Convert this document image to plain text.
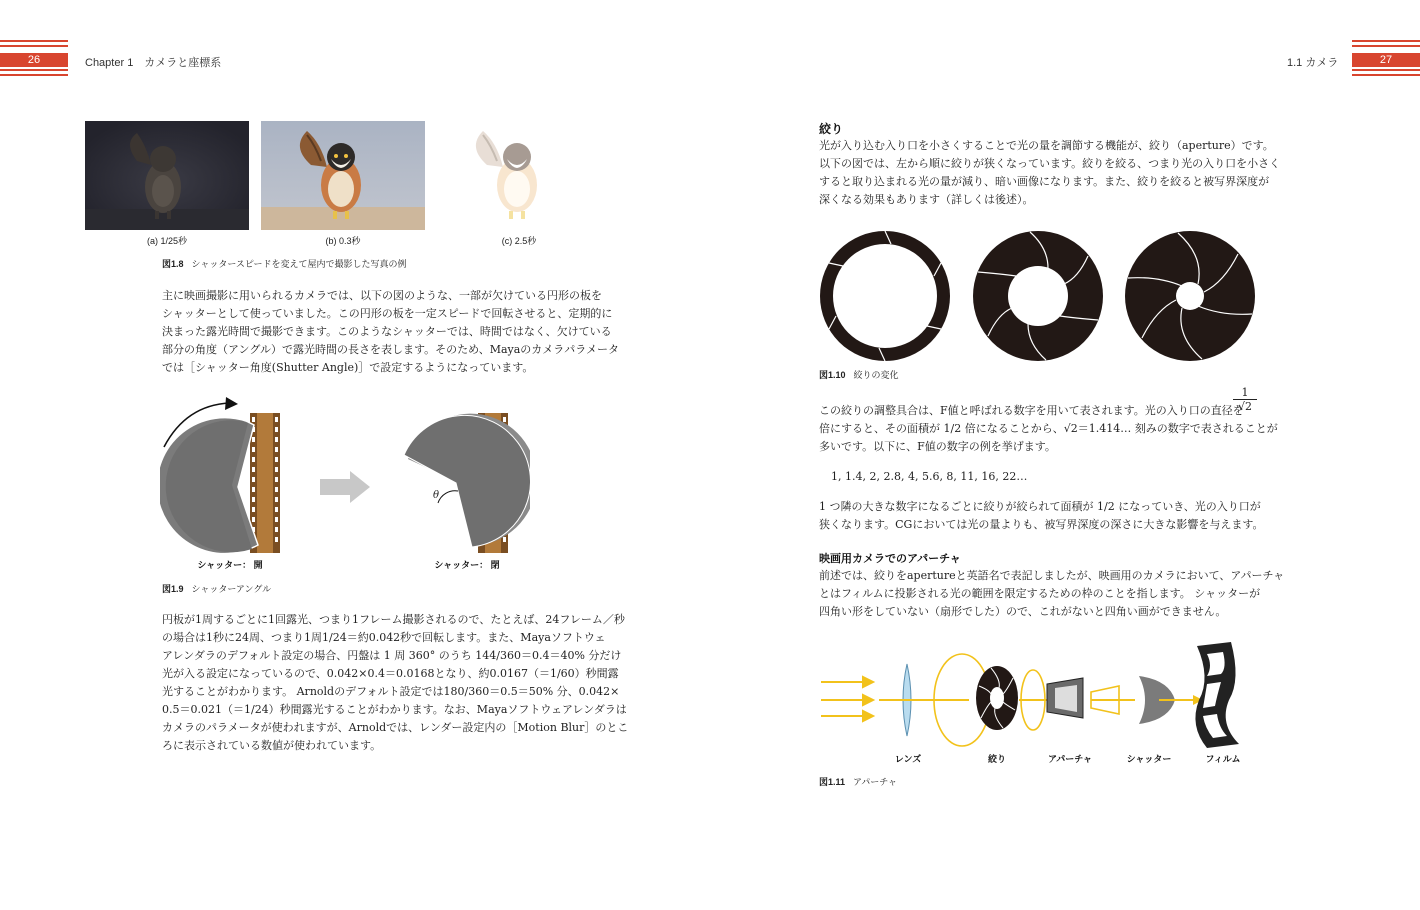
26	Chapter 1　カメラと座標系	27
1.1 カメラ
(a) 1/25秒	(b) 0.3秒	(c) 2.5秒
図1.8 シャッタースピードを変えて屋内で撮影した写真の例

主に映画撮影に用いられるカメラでは、以下の図のような、一部が欠けている円形の板を

シャッターとして使っていました。この円形の板を一定スピードで回転させると、定期的に

決まった露光時間で撮影できます。このようなシャッターでは、時間ではなく、欠けている

部分の角度（アングル）で露光時間の長さを表します。そのため、Mayaのカメラパラメータ

では［シャッター角度(Shutter Angle)］で設定するようになっています。

θ
シャッター： 開	シャッター： 閉
図1.9 シャッターアングル

円板が1周するごとに1回露光、つまり1フレーム撮影されるので、たとえば、24フレーム／秒

の場合は1秒に24周、つまり1周1/24＝約0.042秒で回転します。また、Mayaソフトウェ

アレンダラのデフォルト設定の場合、円盤は 1 周 360° のうち 144/360＝0.4＝40% 分だけ

光が入る設定になっているので、0.042×0.4＝0.0168となり、約0.0167（＝1/60）秒間露

光することがわかります。 Arnoldのデフォルト設定では180/360＝0.5＝50% 分、0.042×

0.5＝0.021（＝1/24）秒間露光することがわかります。なお、Mayaソフトウェアレンダラは

カメラのパラメータが使われますが、Arnoldでは、レンダー設定内の［Motion Blur］のとこ

ろに表示されている数値が使われています。

絞り

光が入り込む入り口を小さくすることで光の量を調節する機能が、絞り（aperture）です。

以下の図では、左から順に絞りが狭くなっています。絞りを絞る、つまり光の入り口を小さく

すると取り込まれる光の量が減り、暗い画像になります。また、絞りを絞ると被写界深度が

深くなる効果もあります（詳しくは後述）。

図1.10 絞りの変化
$\frac{1}{√2}$

この絞りの調整具合は、F値と呼ばれる数字を用いて表されます。光の入り口の直径を

倍にすると、その面積が 1/2 倍になることから、√2＝1.414… 刻みの数字で表されることが

多いです。以下に、F値の数字の例を挙げます。

1, 1.4, 2, 2.8, 4, 5.6, 8, 11, 16, 22…

1 つ隣の大きな数字になるごとに絞りが絞られて面積が 1/2 になっていき、光の入り口が

狭くなります。CGにおいては光の量よりも、被写界深度の深さに大きな影響を与えます。

映画用カメラでのアパーチャ

前述では、絞りをapertureと英語名で表記しましたが、映画用のカメラにおいて、アパーチャ

とはフィルムに投影される光の範囲を限定するための枠のことを指します。 シャッターが

四角い形をしていない（扇形でした）ので、これがないと四角い画ができません。

レンズ	絞り	アパーチャ	シャッター	フィルム
図1.11 アパーチャ
